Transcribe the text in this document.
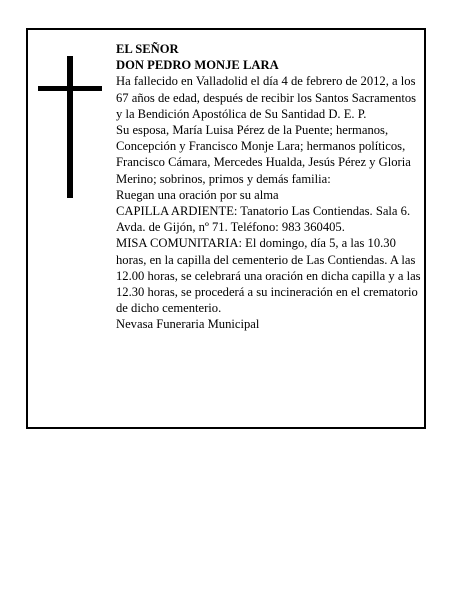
EL SEÑOR

DON PEDRO MONJE LARA

Ha fallecido en Valladolid el día 4 de febrero de 2012, a los 67 años de edad, después de recibir los Santos Sacramentos y la Bendición Apostólica de Su Santidad D. E. P.

Su esposa, María Luisa Pérez de la Puente; hermanos, Concepción y Francisco Monje Lara; hermanos políticos, Francisco Cámara, Mercedes Hualda, Jesús Pérez y Gloria Merino; sobrinos, primos y demás familia:

Ruegan una oración por su alma

CAPILLA ARDIENTE: Tanatorio Las Contiendas. Sala 6. Avda. de Gijón, nº 71. Teléfono: 983 360405.

MISA COMUNITARIA: El domingo, día 5, a las 10.30 horas, en la capilla del cementerio de Las Contiendas. A las 12.00 horas, se celebrará una oración en dicha capilla y a las 12.30 horas, se procederá a su incineración en el crematorio de dicho cementerio.

Nevasa Funeraria Municipal
